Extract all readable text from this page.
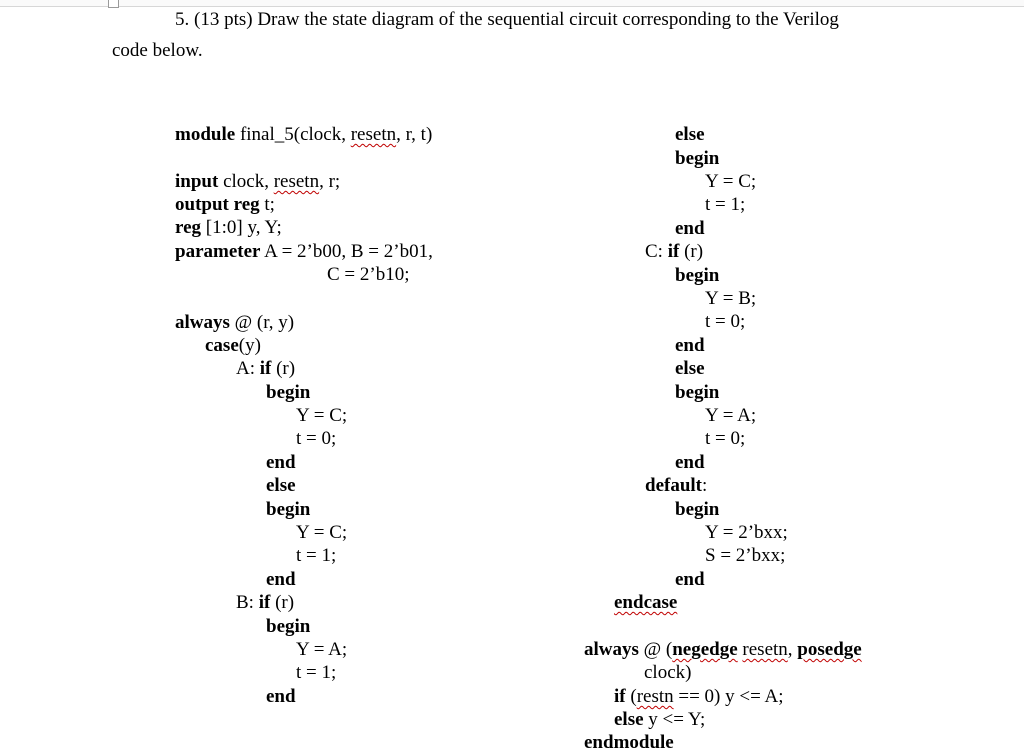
5. (13 pts) Draw the state diagram of the sequential circuit corresponding to the Verilog
code below.
module final_5(clock, resetn, r, t)
input clock, resetn, r;
output reg t;
reg [1:0] y, Y;
parameter A = 2’b00, B = 2’b01,
C = 2’b10;
always @ (r, y)
case(y)
A: if (r)
begin
Y = C;
t = 0;
end
else
begin
Y = C;
t = 1;
end
B: if (r)
begin
Y = A;
t = 1;
end
else
begin
Y = C;
t = 1;
end
C: if (r)
begin
Y = B;
t = 0;
end
else
begin
Y = A;
t = 0;
end
default:
begin
Y = 2’bxx;
S = 2’bxx;
end
endcase
always @ (negedge resetn, posedge
clock)
if (restn == 0) y <= A;
else y <= Y;
endmodule
